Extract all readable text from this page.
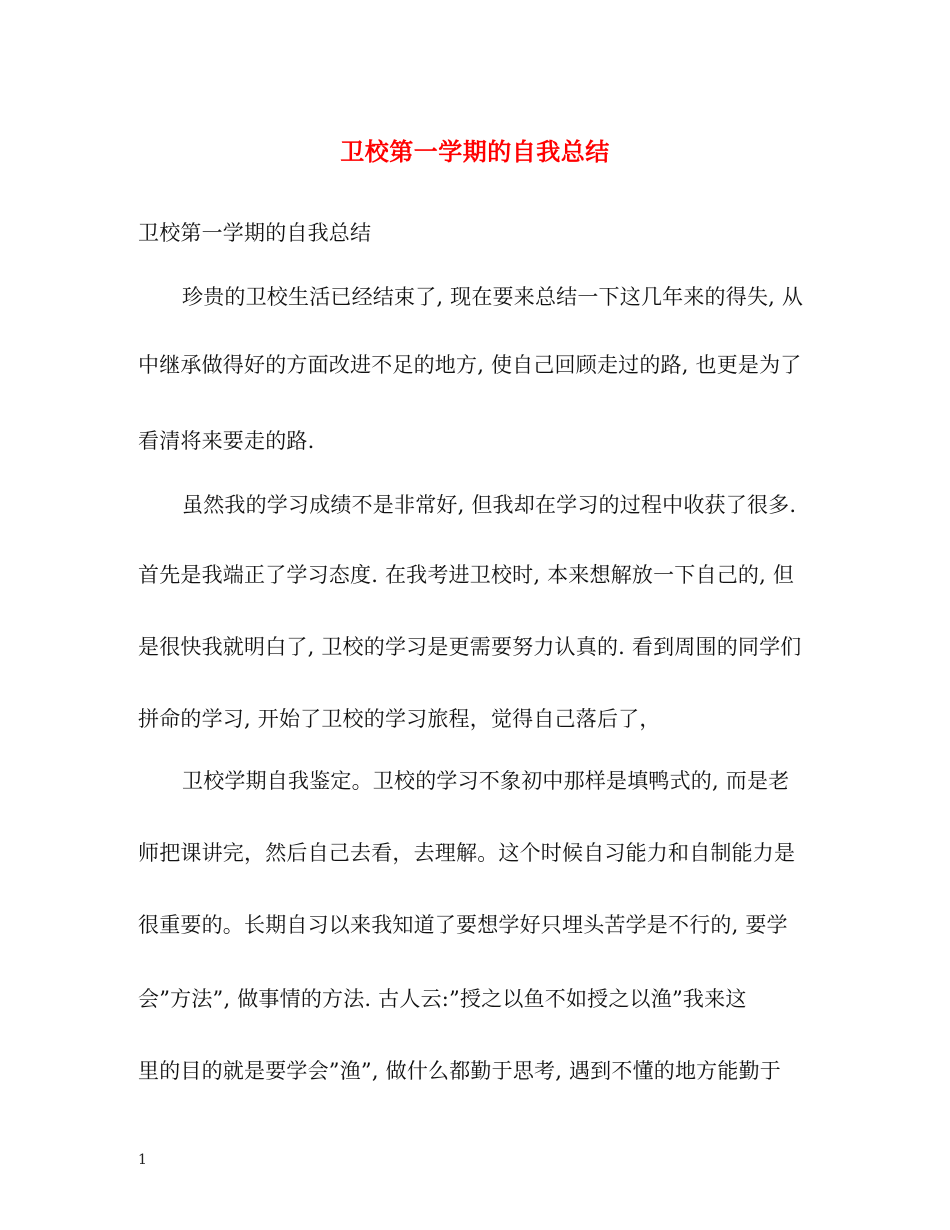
卫校第一学期的自我总结
卫校第一学期的自我总结
珍贵的卫校生活已经结束了, 现在要来总结一下这几年来的得失, 从
中继承做得好的方面改进不足的地方, 使自己回顾走过的路, 也更是为了
看清将来要走的路.
虽然我的学习成绩不是非常好, 但我却在学习的过程中收获了很多.
首先是我端正了学习态度. 在我考进卫校时, 本来想解放一下自己的, 但
是很快我就明白了, 卫校的学习是更需要努力认真的. 看到周围的同学们
拼命的学习, 开始了卫校的学习旅程，觉得自己落后了，
卫校学期自我鉴定。卫校的学习不象初中那样是填鸭式的, 而是老
师把课讲完，然后自己去看，去理解。这个时候自习能力和自制能力是
很重要的。长期自习以来我知道了要想学好只埋头苦学是不行的, 要学
会”方法”, 做事情的方法. 古人云:”授之以鱼不如授之以渔”我来这
里的目的就是要学会”渔”, 做什么都勤于思考, 遇到不懂的地方能勤于
1
